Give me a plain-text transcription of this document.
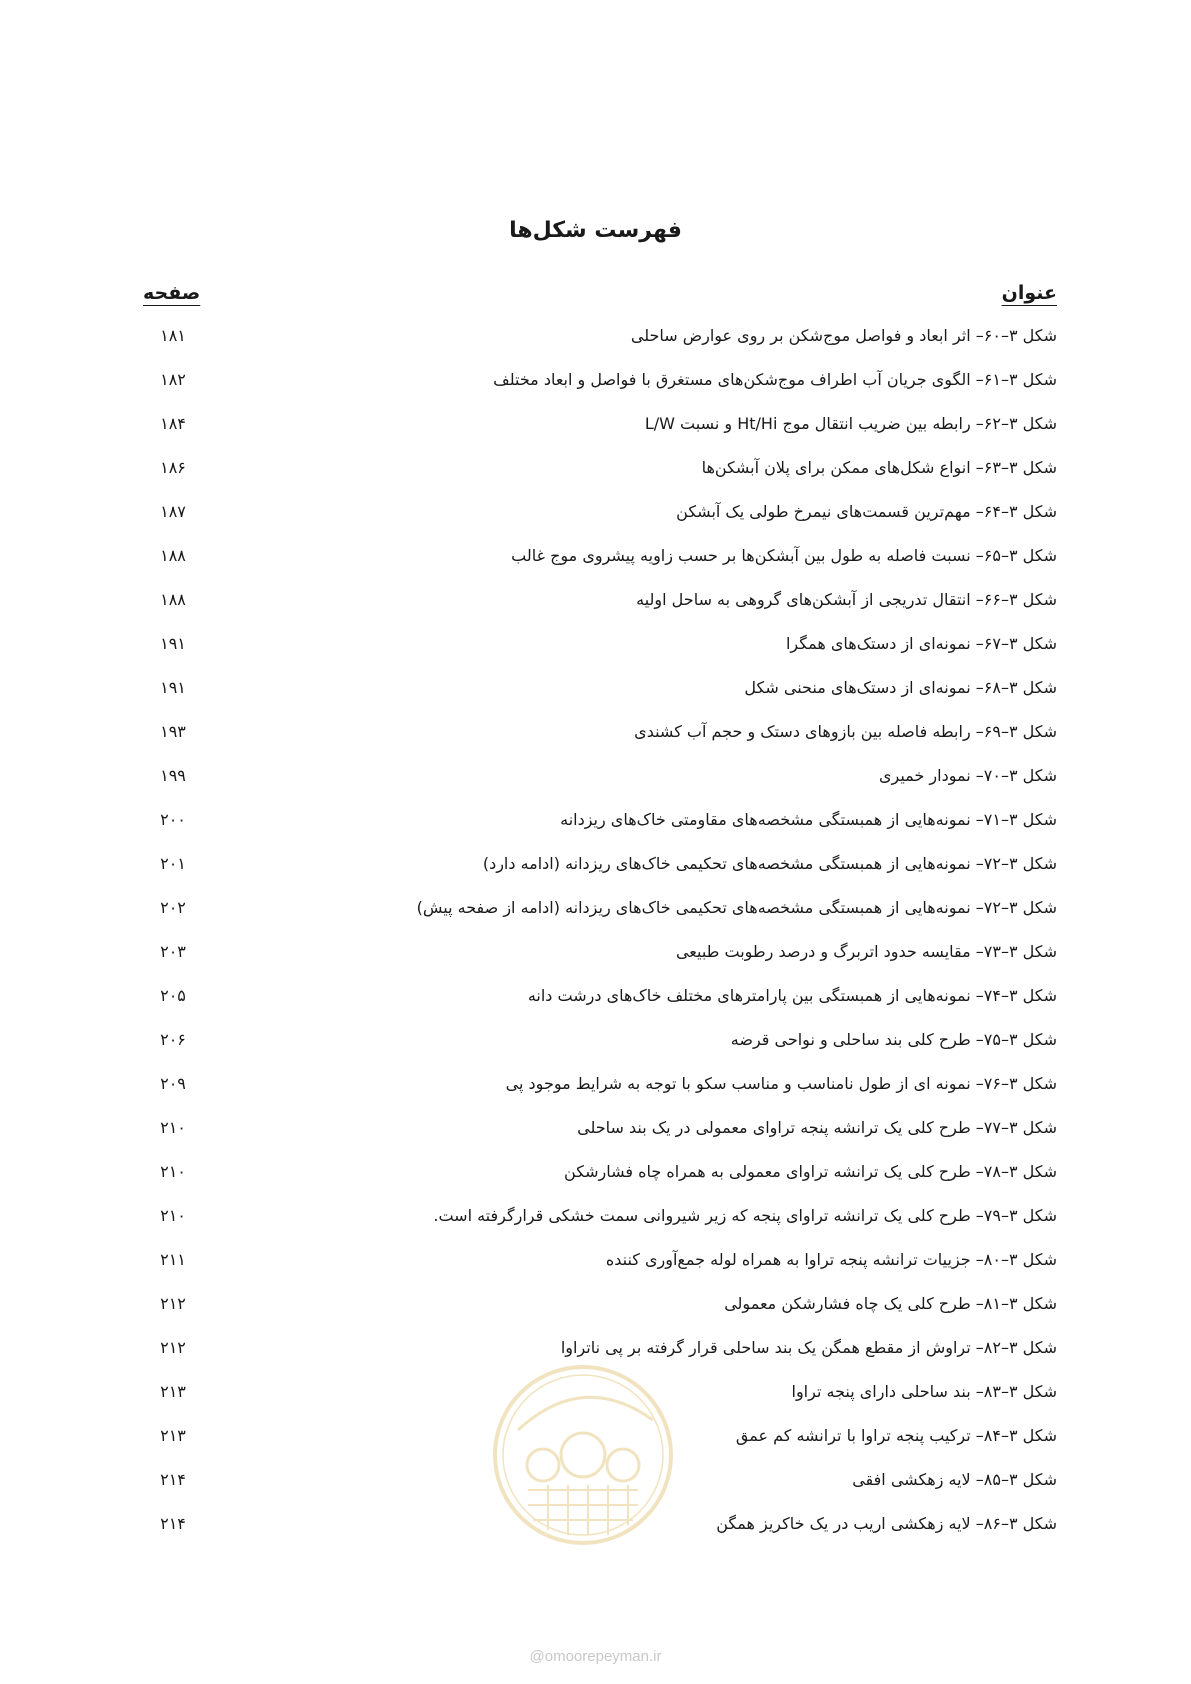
فهرست شکل‌ها
عنوان
صفحه
شکل ۳–۶۰– اثر ابعاد و فواصل موج‌شکن بر روی عوارض ساحلی
۱۸۱
شکل ۳–۶۱– الگوی جریان آب اطراف موج‌شکن‌های مستغرق با فواصل و ابعاد مختلف
۱۸۲
شکل ۳–۶۲– رابطه بین ضریب انتقال موج Ht/Hi و نسبت L/W
۱۸۴
شکل ۳–۶۳– انواع شکل‌های ممکن برای پلان آبشکن‌ها
۱۸۶
شکل ۳–۶۴– مهم‌ترین قسمت‌های نیمرخ طولی یک آبشکن
۱۸۷
شکل ۳–۶۵– نسبت فاصله به طول بین آبشکن‌ها بر حسب زاویه پیشروی موج غالب
۱۸۸
شکل ۳–۶۶– انتقال تدریجی از آبشکن‌های گروهی به ساحل اولیه
۱۸۸
شکل ۳–۶۷– نمونه‌ای از دستک‌های همگرا
۱۹۱
شکل ۳–۶۸– نمونه‌ای از دستک‌های منحنی شکل
۱۹۱
شکل ۳–۶۹– رابطه فاصله بین بازوهای دستک و حجم آب کشندی
۱۹۳
شکل ۳–۷۰– نمودار خمیری
۱۹۹
شکل ۳–۷۱– نمونه‌هایی از همبستگی مشخصه‌های مقاومتی خاک‌های ریزدانه
۲۰۰
شکل ۳–۷۲– نمونه‌هایی از همبستگی مشخصه‌های تحکیمی خاک‌های ریزدانه (ادامه دارد)
۲۰۱
شکل ۳–۷۲– نمونه‌هایی از همبستگی مشخصه‌های تحکیمی خاک‌های ریزدانه (ادامه از صفحه پیش)
۲۰۲
شکل ۳–۷۳– مقایسه حدود اتربرگ و درصد رطوبت طبیعی
۲۰۳
شکل ۳–۷۴– نمونه‌هایی از همبستگی بین پارامترهای مختلف خاک‌های درشت دانه
۲۰۵
شکل ۳–۷۵– طرح کلی بند ساحلی و نواحی قرضه
۲۰۶
شکل ۳–۷۶– نمونه ای از طول نامناسب و مناسب سکو با توجه به شرایط موجود پی
۲۰۹
شکل ۳–۷۷– طرح کلی یک ترانشه پنجه تراوای معمولی در یک بند ساحلی
۲۱۰
شکل ۳–۷۸– طرح کلی یک ترانشه تراوای معمولی به همراه چاه فشارشکن
۲۱۰
شکل ۳–۷۹– طرح کلی یک ترانشه تراوای پنجه که زیر شیروانی سمت خشکی قرارگرفته است.
۲۱۰
شکل ۳–۸۰– جزییات ترانشه پنجه تراوا به همراه لوله جمع‌آوری کننده
۲۱۱
شکل ۳–۸۱– طرح کلی یک چاه فشارشکن معمولی
۲۱۲
شکل ۳–۸۲– تراوش از مقطع همگن یک بند ساحلی قرار گرفته بر پی ناتراوا
۲۱۲
شکل ۳–۸۳– بند ساحلی دارای پنجه تراوا
۲۱۳
شکل ۳–۸۴– ترکیب پنجه تراوا با ترانشه کم عمق
۲۱۳
شکل ۳–۸۵– لایه زهکشی افقی
۲۱۴
شکل ۳–۸۶– لایه زهکشی اریب در یک خاکریز همگن
۲۱۴
@omoorepeyman.ir
